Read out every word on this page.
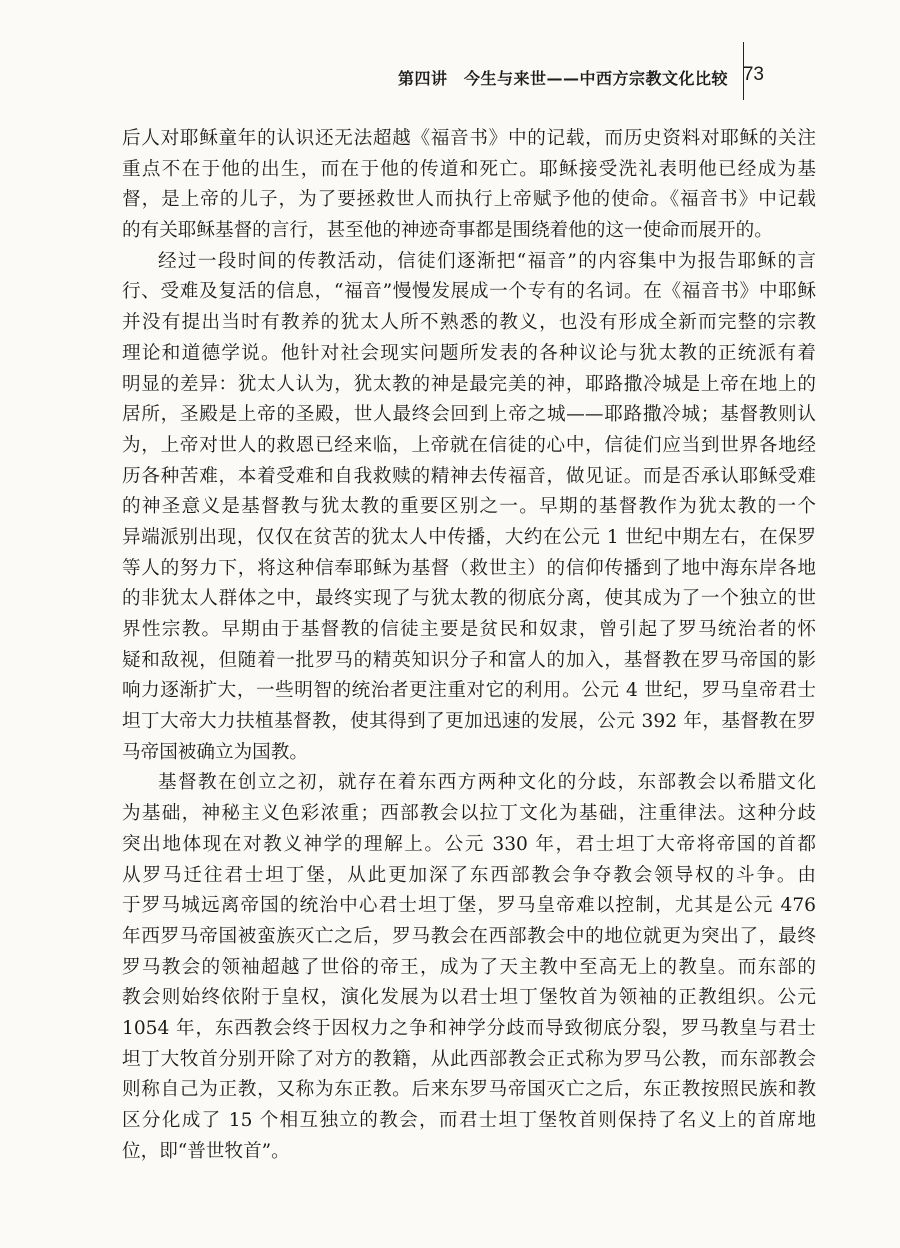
第四讲　今生与来世——中西方宗教文化比较 73
后人对耶稣童年的认识还无法超越《福音书》中的记载，而历史资料对耶稣的关注
重点不在于他的出生，而在于他的传道和死亡。耶稣接受洗礼表明他已经成为基
督，是上帝的儿子，为了要拯救世人而执行上帝赋予他的使命。《福音书》中记载
的有关耶稣基督的言行，甚至他的神迹奇事都是围绕着他的这一使命而展开的。
经过一段时间的传教活动，信徒们逐渐把“福音”的内容集中为报告耶稣的言
行、受难及复活的信息，“福音”慢慢发展成一个专有的名词。在《福音书》中耶稣
并没有提出当时有教养的犹太人所不熟悉的教义，也没有形成全新而完整的宗教
理论和道德学说。他针对社会现实问题所发表的各种议论与犹太教的正统派有着
明显的差异：犹太人认为，犹太教的神是最完美的神，耶路撒冷城是上帝在地上的
居所，圣殿是上帝的圣殿，世人最终会回到上帝之城——耶路撒冷城；基督教则认
为，上帝对世人的救恩已经来临，上帝就在信徒的心中，信徒们应当到世界各地经
历各种苦难，本着受难和自我救赎的精神去传福音，做见证。而是否承认耶稣受难
的神圣意义是基督教与犹太教的重要区别之一。早期的基督教作为犹太教的一个
异端派别出现，仅仅在贫苦的犹太人中传播，大约在公元 1 世纪中期左右，在保罗
等人的努力下，将这种信奉耶稣为基督（救世主）的信仰传播到了地中海东岸各地
的非犹太人群体之中，最终实现了与犹太教的彻底分离，使其成为了一个独立的世
界性宗教。早期由于基督教的信徒主要是贫民和奴隶，曾引起了罗马统治者的怀
疑和敌视，但随着一批罗马的精英知识分子和富人的加入，基督教在罗马帝国的影
响力逐渐扩大，一些明智的统治者更注重对它的利用。公元 4 世纪，罗马皇帝君士
坦丁大帝大力扶植基督教，使其得到了更加迅速的发展，公元 392 年，基督教在罗
马帝国被确立为国教。
基督教在创立之初，就存在着东西方两种文化的分歧，东部教会以希腊文化
为基础，神秘主义色彩浓重；西部教会以拉丁文化为基础，注重律法。这种分歧
突出地体现在对教义神学的理解上。公元 330 年，君士坦丁大帝将帝国的首都
从罗马迁往君士坦丁堡，从此更加深了东西部教会争夺教会领导权的斗争。由
于罗马城远离帝国的统治中心君士坦丁堡，罗马皇帝难以控制，尤其是公元 476
年西罗马帝国被蛮族灭亡之后，罗马教会在西部教会中的地位就更为突出了，最终
罗马教会的领袖超越了世俗的帝王，成为了天主教中至高无上的教皇。而东部的
教会则始终依附于皇权，演化发展为以君士坦丁堡牧首为领袖的正教组织。公元
1054 年，东西教会终于因权力之争和神学分歧而导致彻底分裂，罗马教皇与君士
坦丁大牧首分别开除了对方的教籍，从此西部教会正式称为罗马公教，而东部教会
则称自己为正教，又称为东正教。后来东罗马帝国灭亡之后，东正教按照民族和教
区分化成了 15 个相互独立的教会，而君士坦丁堡牧首则保持了名义上的首席地
位，即“普世牧首”。
